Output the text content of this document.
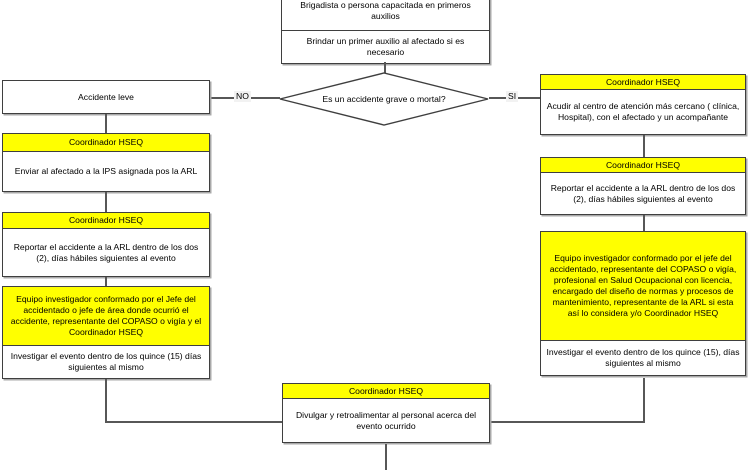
Brigadista o persona capacitada en primeros auxilios
Brindar un primer auxilio al afectado si es necesario
Es un accidente grave o mortal?
NO	SI
Accidente leve
Coordinador HSEQ
Enviar al afectado a la IPS asignada pos la ARL
Coordinador HSEQ
Reportar el accidente a la ARL dentro de los dos (2), días hábiles siguientes al evento
Equipo investigador conformado por el Jefe del accidentado o jefe de área donde ocurrió el accidente, representante del COPASO o vigía y el Coordinador HSEQ
Investigar el evento dentro de los quince (15) días siguientes al mismo
Coordinador HSEQ
Acudir al centro de atención más cercano ( clínica, Hospital), con el afectado y un acompañante
Coordinador HSEQ
Reportar el accidente a la ARL dentro de los dos (2), días hábiles siguientes al evento
Equipo investigador conformado por el jefe del accidentado, representante del COPASO o vigía, profesional en Salud Ocupacional con licencia, encargado del diseño de normas y procesos de mantenimiento, representante de la ARL si esta así lo considera y/o Coordinador HSEQ
Investigar el evento dentro de los quince (15), días siguientes al mismo
Coordinador HSEQ
Divulgar y retroalimentar al personal acerca del evento ocurrido
